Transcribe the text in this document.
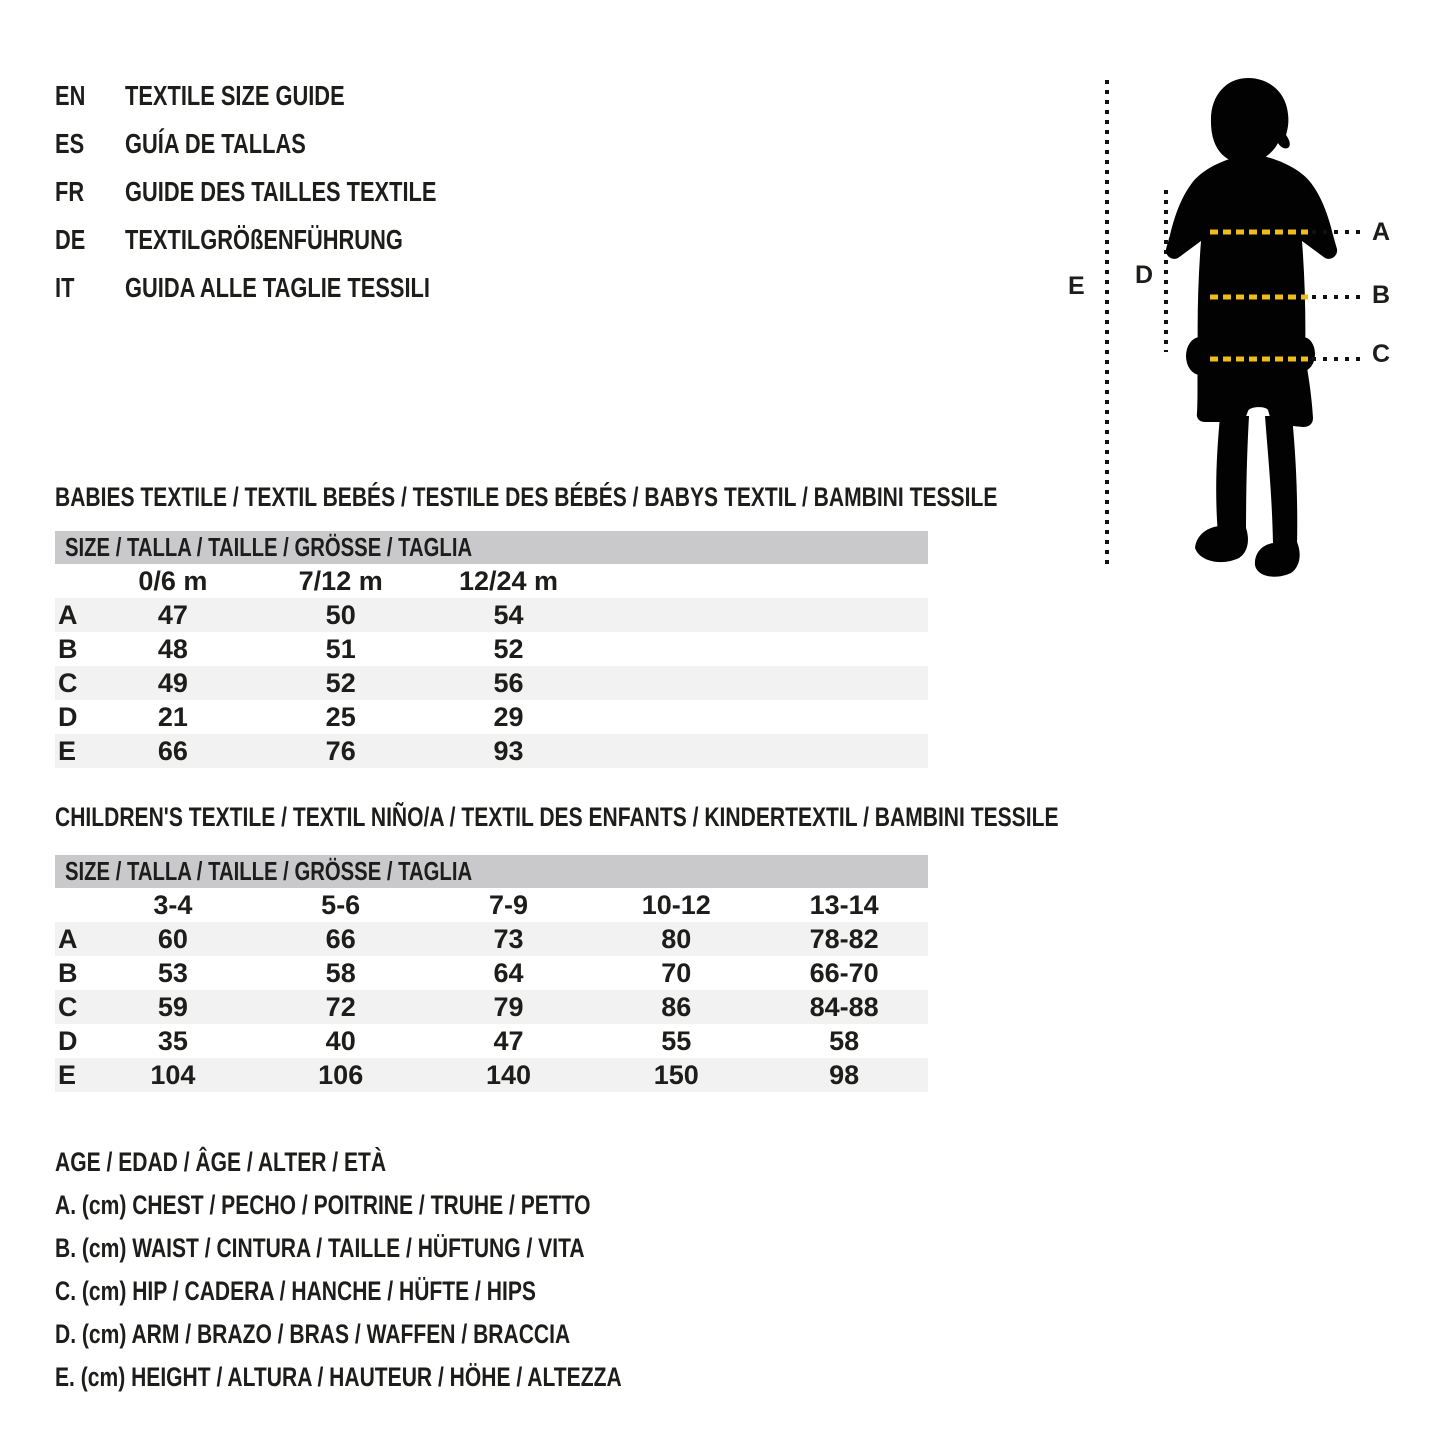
EN	TEXTILE SIZE GUIDE
ES	GUÍA DE TALLAS
FR	GUIDE DES TAILLES TEXTILE
DE	TEXTILGRÖßENFÜHRUNG
IT	GUIDA ALLE TAGLIE TESSILI
A
B
C
D
E
BABIES TEXTILE / TEXTIL BEBÉS / TESTILE DES BÉBÉS / BABYS TEXTIL / BAMBINI TESSILE
SIZE / TALLA / TAILLE / GRÖSSE / TAGLIA
0/6 m	7/12 m	12/24 m
A	47	50	54
B	48	51	52
C	49	52	56
D	21	25	29
E	66	76	93
CHILDREN'S TEXTILE / TEXTIL NIÑO/A / TEXTIL DES ENFANTS / KINDERTEXTIL / BAMBINI TESSILE
SIZE / TALLA / TAILLE / GRÖSSE / TAGLIA
3-4	5-6	7-9	10-12	13-14
A	60	66	73	80	78-82
B	53	58	64	70	66-70
C	59	72	79	86	84-88
D	35	40	47	55	58
E	104	106	140	150	98
AGE / EDAD / ÂGE / ALTER / ETÀ
A. (cm) CHEST / PECHO / POITRINE / TRUHE / PETTO
B. (cm) WAIST / CINTURA / TAILLE / HÜFTUNG / VITA
C. (cm) HIP / CADERA / HANCHE / HÜFTE / HIPS
D. (cm) ARM / BRAZO / BRAS / WAFFEN / BRACCIA
E. (cm) HEIGHT / ALTURA / HAUTEUR / HÖHE / ALTEZZA
